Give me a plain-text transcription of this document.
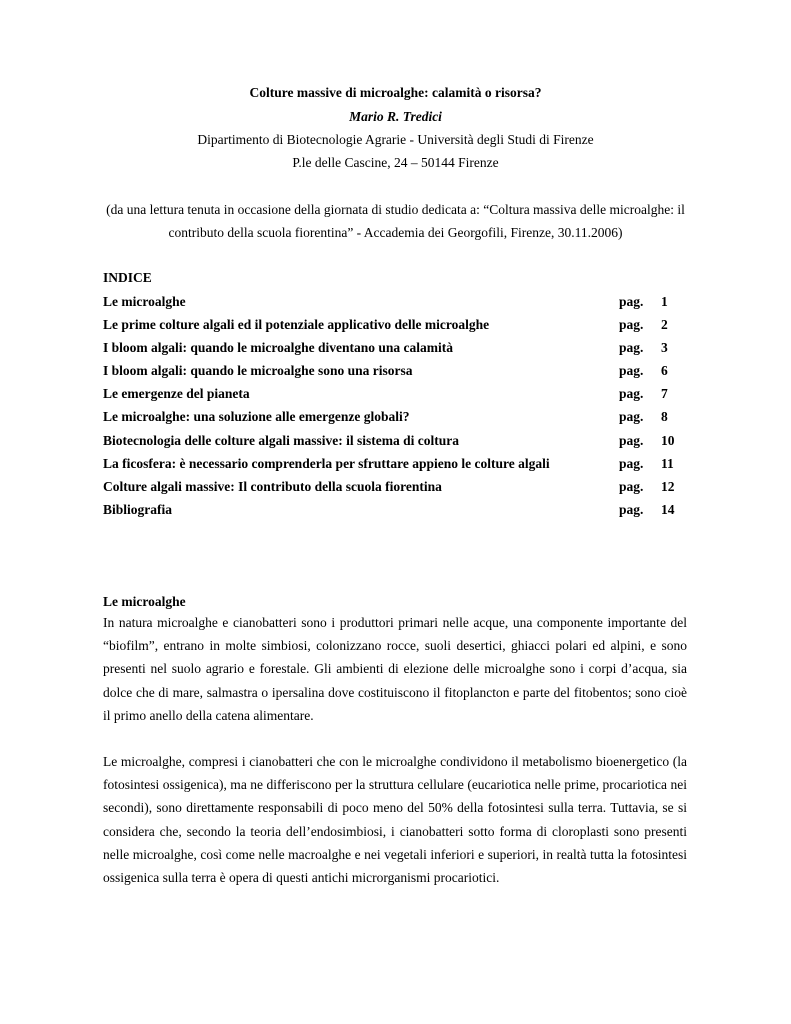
Colture massive di microalghe: calamità o risorsa?
Mario R. Tredici
Dipartimento di Biotecnologie Agrarie - Università degli Studi di Firenze
P.le delle Cascine, 24 – 50144 Firenze
(da una lettura tenuta in occasione della giornata di studio dedicata a: “Coltura massiva delle microalghe: il
contributo della scuola fiorentina” - Accademia dei Georgofili, Firenze, 30.11.2006)
INDICE
Le microalghe	pag. 1
Le prime colture algali ed il potenziale applicativo delle microalghe	pag. 2
I bloom algali: quando le microalghe diventano una calamità	pag. 3
I bloom algali: quando le microalghe sono una risorsa	pag. 6
Le emergenze del pianeta	pag. 7
Le microalghe: una soluzione alle emergenze globali?	pag. 8
Biotecnologia delle colture algali massive: il sistema di coltura	pag. 10
La ficosfera: è necessario comprenderla per sfruttare appieno le colture algali	pag. 11
Colture algali massive: Il contributo della scuola fiorentina	pag. 12
Bibliografia	pag. 14
Le microalghe

In natura microalghe e cianobatteri sono i produttori primari nelle acque, una componente importante del “biofilm”, entrano in molte simbiosi, colonizzano rocce, suoli desertici, ghiacci polari ed alpini, e sono presenti nel suolo agrario e forestale. Gli ambienti di elezione delle microalghe sono i corpi d’acqua, sia dolce che di mare, salmastra o ipersalina dove costituiscono il fitoplancton e parte del fitobentos; sono cioè il primo anello della catena alimentare.

Le microalghe, compresi i cianobatteri che con le microalghe condividono il metabolismo bioenergetico (la fotosintesi ossigenica), ma ne differiscono per la struttura cellulare (eucariotica nelle prime, procariotica nei secondi), sono direttamente responsabili di poco meno del 50% della fotosintesi sulla terra. Tuttavia, se si considera che, secondo la teoria dell’endosimbiosi, i cianobatteri sotto forma di cloroplasti sono presenti nelle microalghe, così come nelle macroalghe e nei vegetali inferiori e superiori, in realtà tutta la fotosintesi ossigenica sulla terra è opera di questi antichi microrganismi procariotici.
